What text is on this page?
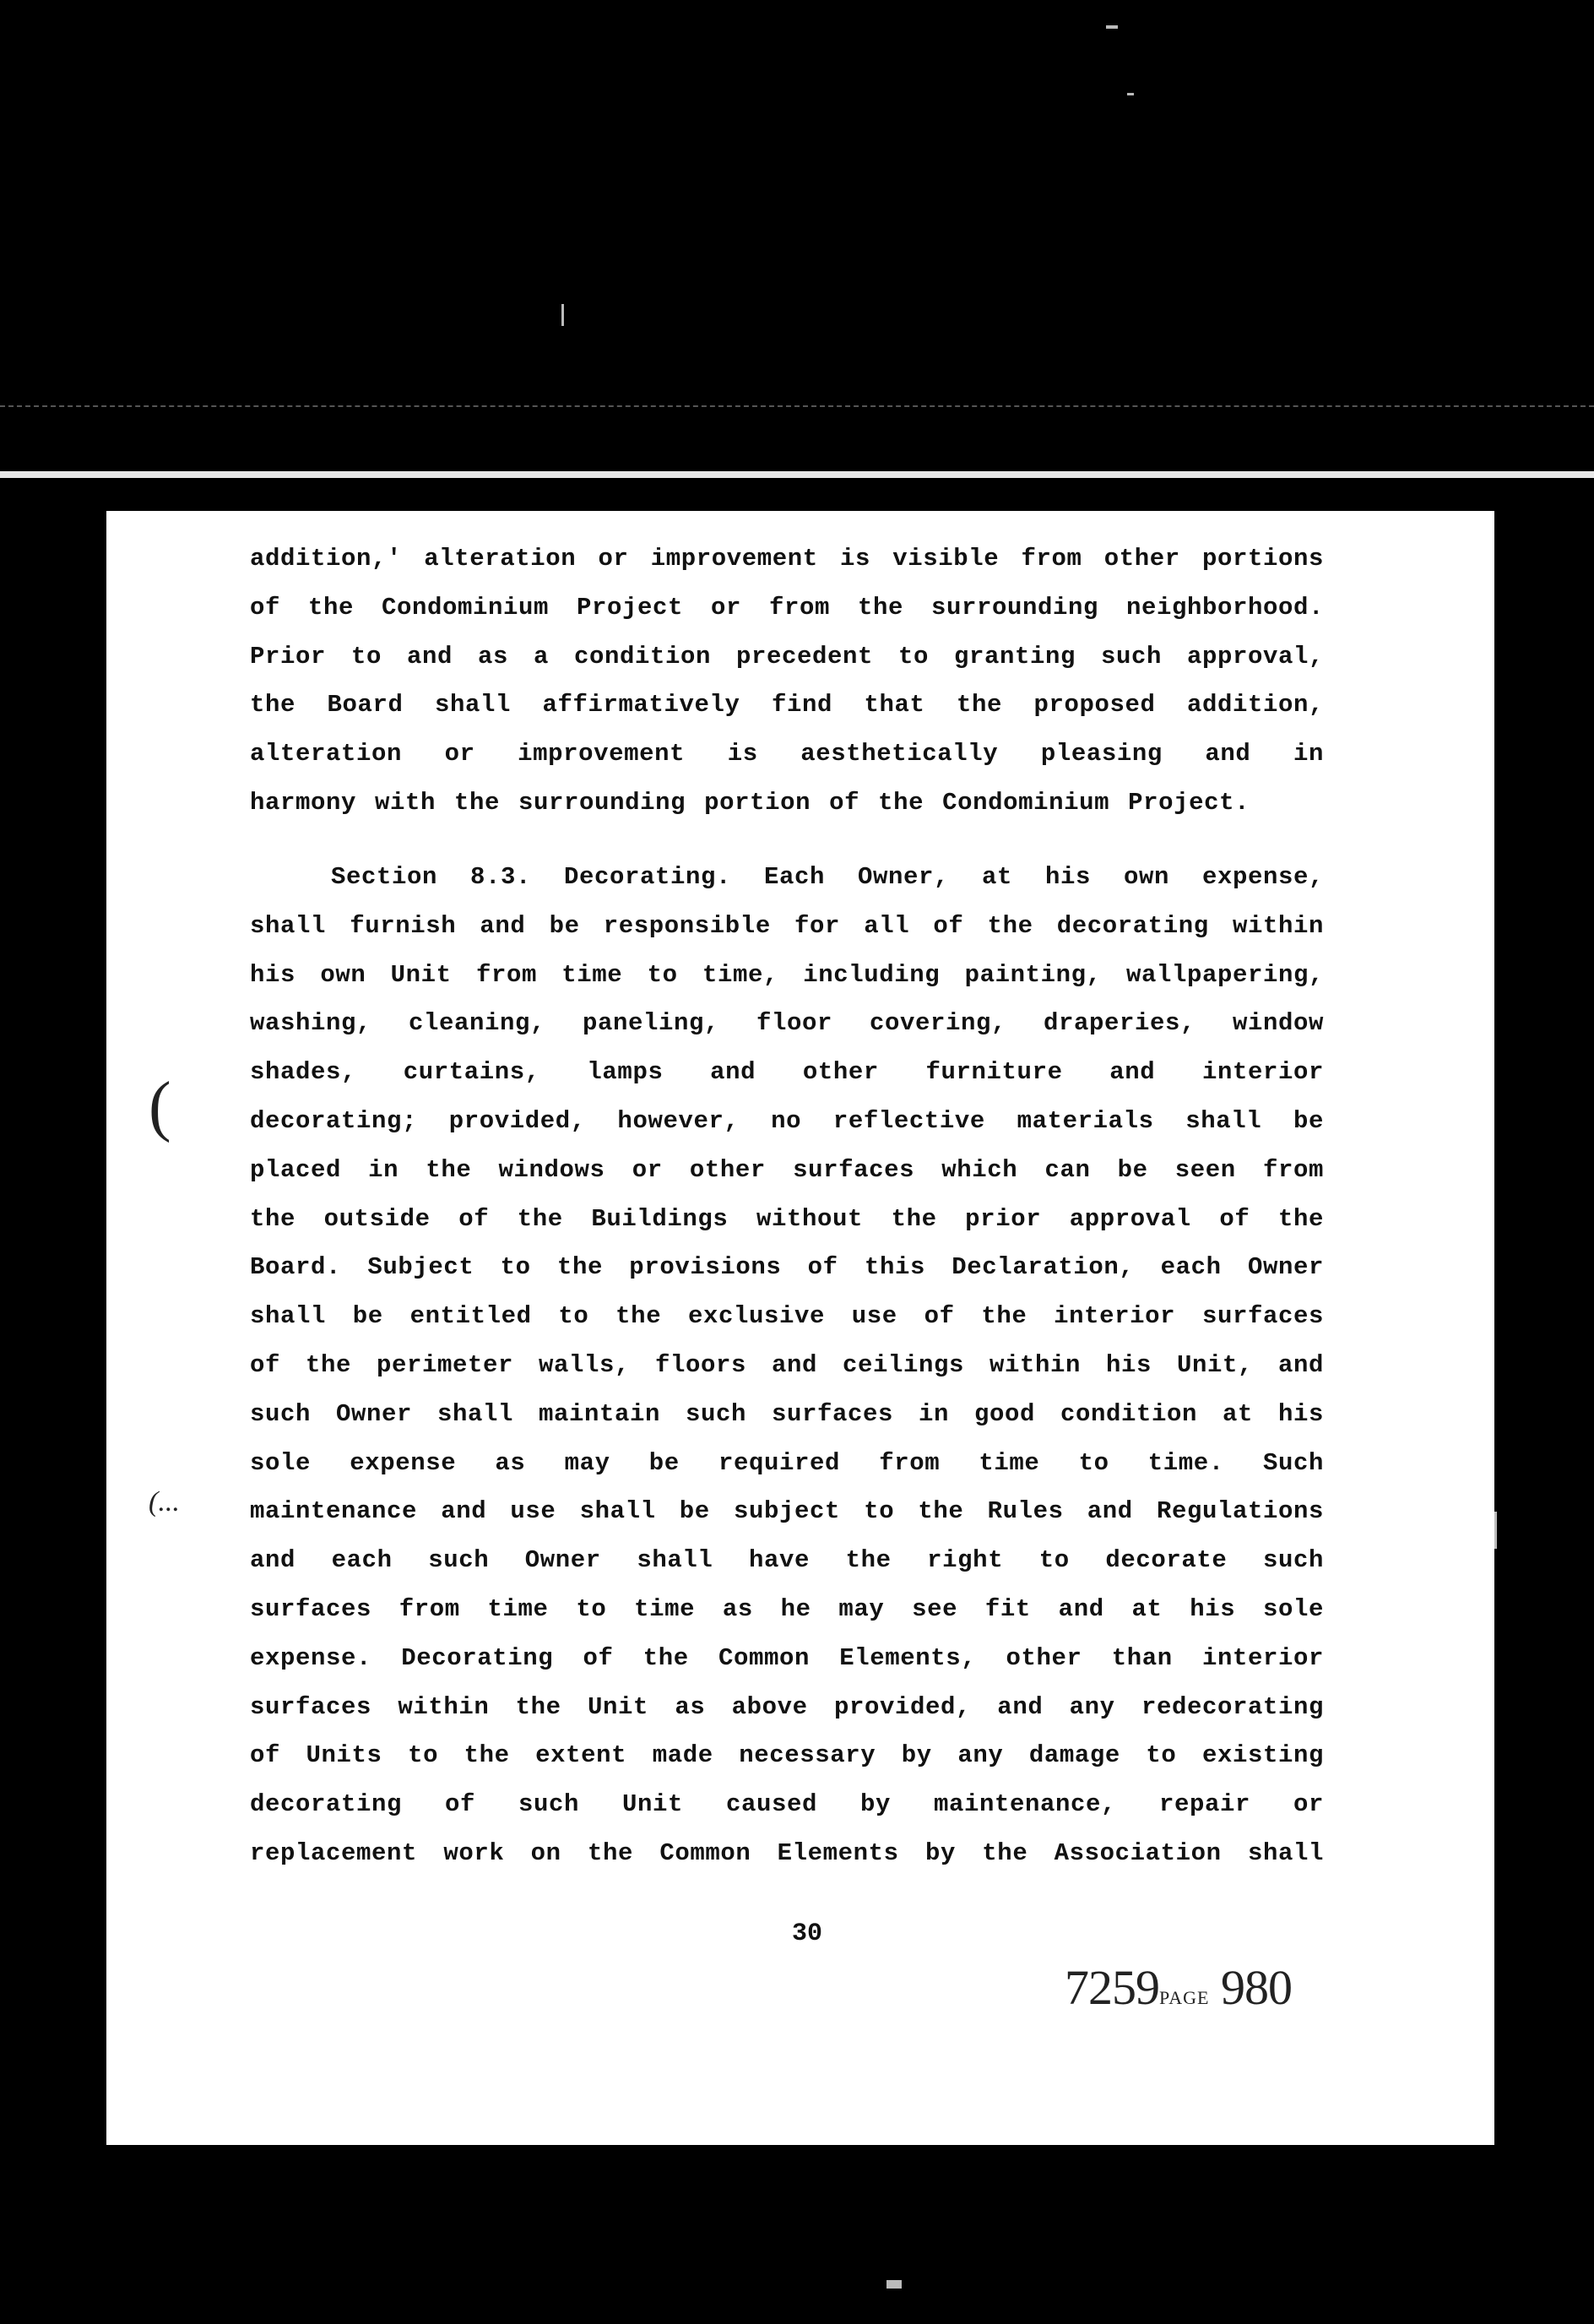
addition,' alteration or improvement is visible from other portions
of the Condominium Project or from the surrounding neighborhood.
Prior to and as a condition precedent to granting such approval,
the Board shall affirmatively find that the proposed addition,
alteration or improvement is aesthetically pleasing and in
harmony with the surrounding portion of the Condominium Project.

Section 8.3. Decorating. Each Owner, at his own expense,
shall furnish and be responsible for all of the decorating within
his own Unit from time to time, including painting, wallpapering,
washing, cleaning, paneling, floor covering, draperies, window
shades, curtains, lamps and other furniture and interior
decorating; provided, however, no reflective materials shall be
placed in the windows or other surfaces which can be seen from
the outside of the Buildings without the prior approval of the
Board. Subject to the provisions of this Declaration, each Owner
shall be entitled to the exclusive use of the interior surfaces
of the perimeter walls, floors and ceilings within his Unit, and
such Owner shall maintain such surfaces in good condition at his
sole expense as may be required from time to time. Such
maintenance and use shall be subject to the Rules and Regulations
and each such Owner shall have the right to decorate such
surfaces from time to time as he may see fit and at his sole
expense. Decorating of the Common Elements, other than interior
surfaces within the Unit as above provided, and any redecorating
of Units to the extent made necessary by any damage to existing
decorating of such Unit caused by maintenance, repair or
replacement work on the Common Elements by the Association shall

(
(...
30
7259PAGE 980
